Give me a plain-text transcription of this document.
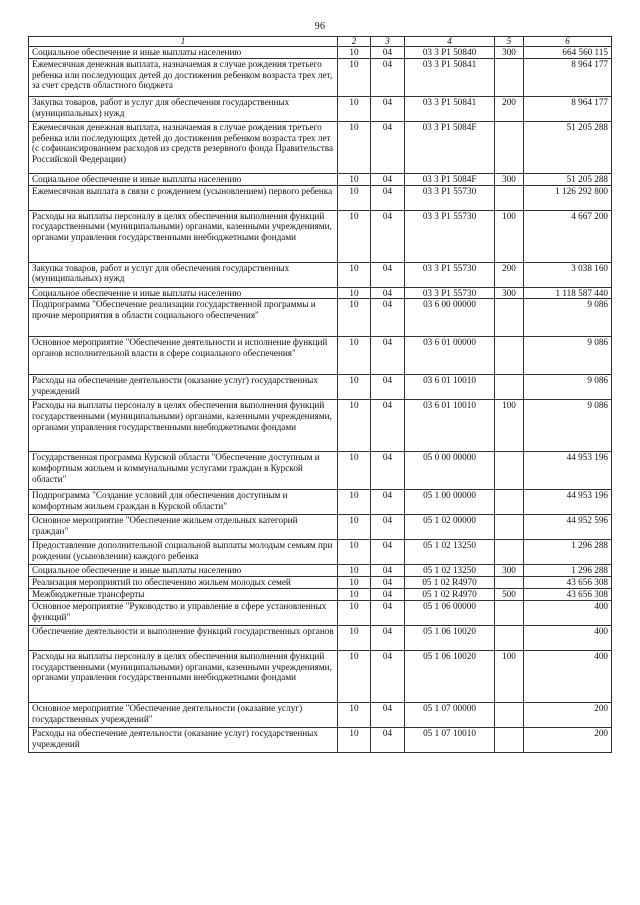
96
1	2	3	4	5	6
Социальное обеспечение и иные выплаты населению	10	04	03 3 P1 50840	300	664 560 115
Ежемесячная денежная выплата, назначаемая в случае рождения третьего ребенка или последующих детей до достижения ребенком возраста трех лет, за счет средств областного бюджета	10	04	03 3 P1 50841		8 964 177
Закупка товаров, работ и услуг для обеспечения государственных (муниципальных) нужд	10	04	03 3 P1 50841	200	8 964 177
Ежемесячная денежная выплата, назначаемая в случае рождения третьего ребенка или последующих детей до достижения ребенком возраста трех лет (с софинансированием расходов из средств резервного фонда Правительства Российской Федерации)	10	04	03 3 P1 5084F		51 205 288
Социальное обеспечение и иные выплаты населению	10	04	03 3 P1 5084F	300	51 205 288
Ежемесячная выплата в связи с рождением (усыновлением) первого ребенка	10	04	03 3 P1 55730		1 126 292 800
Расходы на выплаты персоналу в целях обеспечения выполнения функций государственными (муниципальными) органами, казенными учреждениями, органами управления государственными внебюджетными фондами	10	04	03 3 P1 55730	100	4 667 200
Закупка товаров, работ и услуг для обеспечения государственных (муниципальных) нужд	10	04	03 3 P1 55730	200	3 038 160
Социальное обеспечение и иные выплаты населению	10	04	03 3 P1 55730	300	1 118 587 440
Подпрограмма "Обеспечение реализации государственной программы и прочие мероприятия в области социального обеспечения"	10	04	03 6 00 00000		9 086
Основное мероприятие "Обеспечение деятельности и исполнение функций органов исполнительной власти в сфере социального обеспечения"	10	04	03 6 01 00000		9 086
Расходы на обеспечение деятельности (оказание услуг) государственных учреждений	10	04	03 6 01 10010		9 086
Расходы на выплаты персоналу в целях обеспечения выполнения функций государственными (муниципальными) органами, казенными учреждениями, органами управления государственными внебюджетными фондами	10	04	03 6 01 10010	100	9 086
Государственная программа Курской области "Обеспечение доступным и комфортным жильем и коммунальными услугами граждан в Курской области"	10	04	05 0 00 00000		44 953 196
Подпрограмма "Создание условий для обеспечения доступным и комфортным жильем граждан в Курской области"	10	04	05 1 00 00000		44 953 196
Основное мероприятие "Обеспечение жильем отдельных категорий граждан"	10	04	05 1 02 00000		44 952 596
Предоставление дополнительной социальной выплаты молодым семьям при рождении (усыновлении) каждого ребенка	10	04	05 1 02 13250		1 296 288
Социальное обеспечение и иные выплаты населению	10	04	05 1 02 13250	300	1 296 288
Реализация мероприятий по обеспечению жильем молодых семей	10	04	05 1 02 R4970		43 656 308
Межбюджетные трансферты	10	04	05 1 02 R4970	500	43 656 308
Основное мероприятие "Руководство и управление в сфере установленных функций"	10	04	05 1 06 00000		400
Обеспечение деятельности и выполнение функций государственных органов	10	04	05 1 06 10020		400
Расходы на выплаты персоналу в целях обеспечения выполнения функций государственными (муниципальными) органами, казенными учреждениями, органами управления государственными внебюджетными фондами	10	04	05 1 06 10020	100	400
Основное мероприятие "Обеспечение деятельности (оказание услуг) государственных учреждений"	10	04	05 1 07 00000		200
Расходы на обеспечение деятельности (оказание услуг) государственных учреждений	10	04	05 1 07 10010		200
